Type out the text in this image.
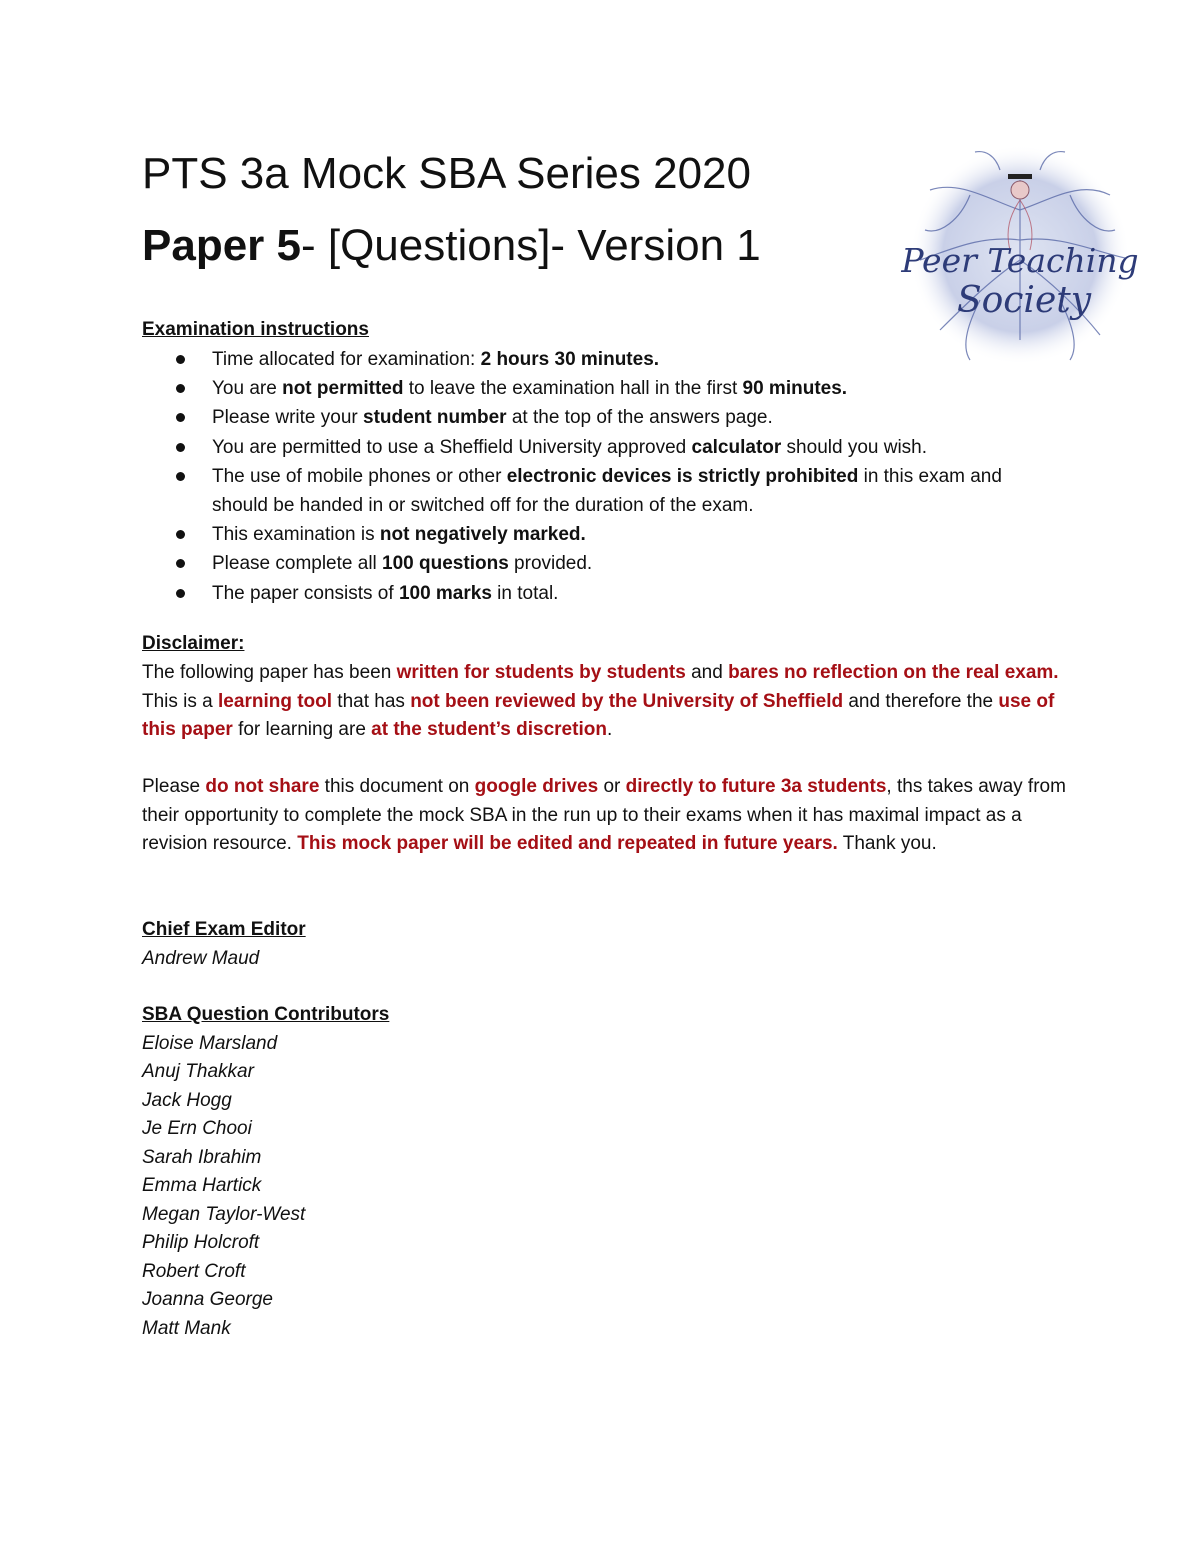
PTS 3a Mock SBA Series 2020
Paper 5- [Questions]- Version 1	Peer Teaching
Society
Examination instructions
Time allocated for examination: 2 hours 30 minutes.
You are not permitted to leave the examination hall in the first 90 minutes.
Please write your student number at the top of the answers page.
You are permitted to use a Sheffield University approved calculator should you wish.
The use of mobile phones or other electronic devices is strictly prohibited in this exam and should be handed in or switched off for the duration of the exam.
This examination is not negatively marked.
Please complete all 100 questions provided.
The paper consists of 100 marks in total.
Disclaimer:
The following paper has been written for students by students and bares no reflection on the real exam. This is a learning tool that has not been reviewed by the University of Sheffield and therefore the use of this paper for learning are at the student’s discretion.
Please do not share this document on google drives or directly to future 3a students, ths takes away from their opportunity to complete the mock SBA in the run up to their exams when it has maximal impact as a revision resource. This mock paper will be edited and repeated in future years. Thank you.
Chief Exam Editor
Andrew Maud
SBA Question Contributors
Eloise Marsland
Anuj Thakkar
Jack Hogg
Je Ern Chooi
Sarah Ibrahim
Emma Hartick
Megan Taylor-West
Philip Holcroft
Robert Croft
Joanna George
Matt Mank
